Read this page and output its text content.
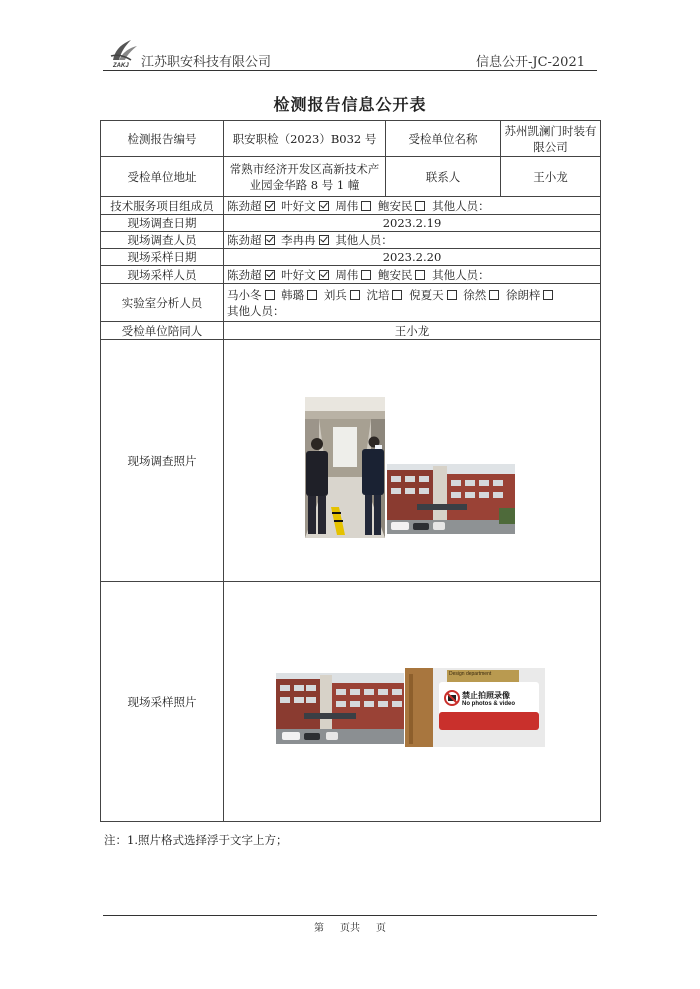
ZAKJ 江苏职安科技有限公司	信息公开-JC-2021
检测报告信息公开表
检测报告编号	职安职检（2023）B032 号	受检单位名称	苏州凯澜门时装有限公司
受检单位地址	常熟市经济开发区高新技术产业园金华路 8 号 1 幢	联系人	王小龙
技术服务项目组成员	陈劲超 叶好文 周伟 鲍安民 其他人员：		
现场调查日期	2023.2.19		
现场调查人员	陈劲超 李冉冉 其他人员：		
现场采样日期	2023.2.20		
现场采样人员	陈劲超 叶好文 周伟 鲍安民 其他人员：		
实验室分析人员	马小冬 韩璐 刘兵 沈培 倪夏天 徐然 徐朗梓
其他人员：		
受检单位陪同人	王小龙		
现场调查照片			
现场采样照片			
Design department
禁止拍照录像
No photos & video
注：1.照片格式选择浮于文字上方；
第 页共 页
